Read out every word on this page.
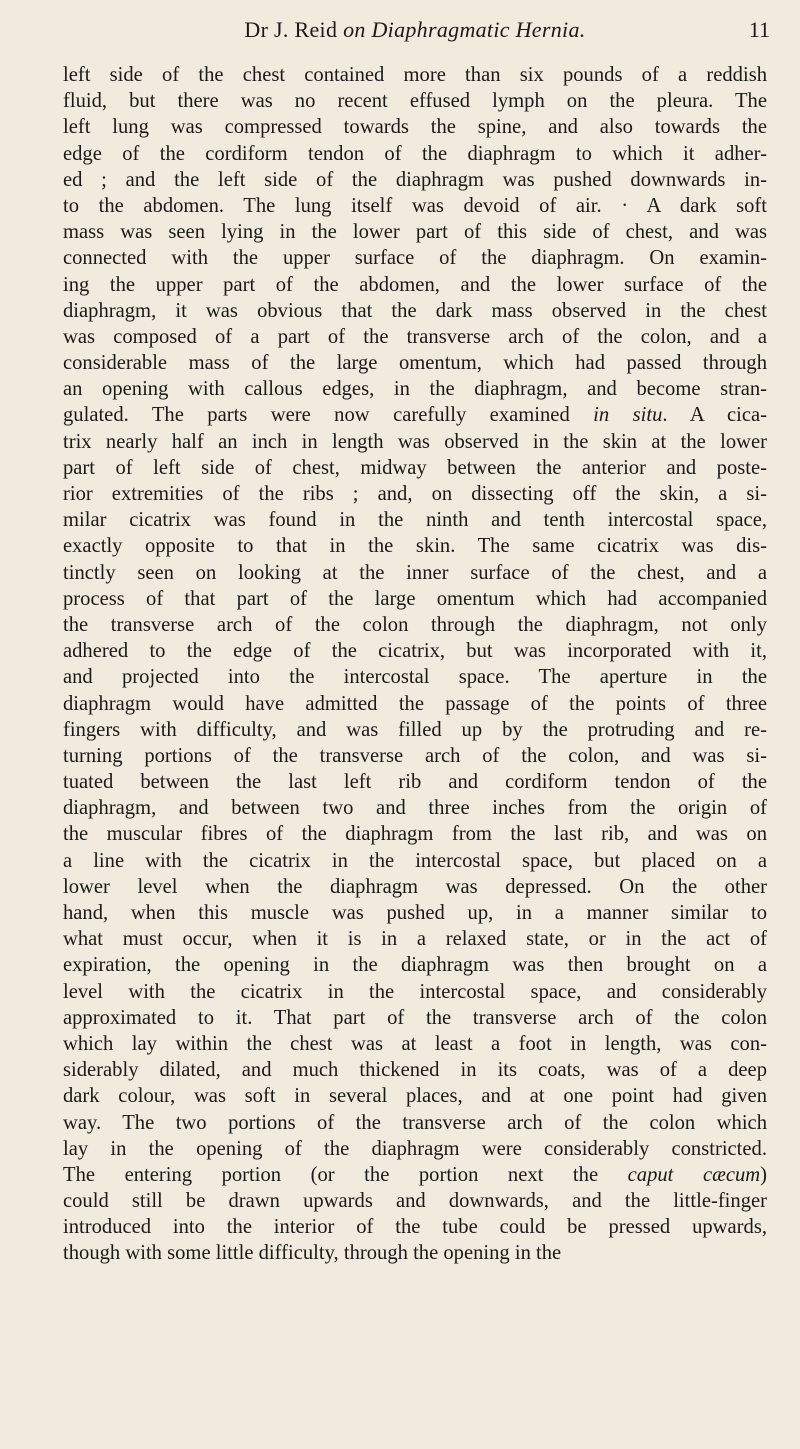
Dr J. Reid on Diaphragmatic Hernia.	11
left side of the chest contained more than six pounds of a reddish
fluid, but there was no recent effused lymph on the pleura. The
left lung was compressed towards the spine, and also towards the
edge of the cordiform tendon of the diaphragm to which it adher-
ed ; and the left side of the diaphragm was pushed downwards in-
to the abdomen. The lung itself was devoid of air. · A dark soft
mass was seen lying in the lower part of this side of chest, and was
connected with the upper surface of the diaphragm. On examin-
ing the upper part of the abdomen, and the lower surface of the
diaphragm, it was obvious that the dark mass observed in the chest
was composed of a part of the transverse arch of the colon, and a
considerable mass of the large omentum, which had passed through
an opening with callous edges, in the diaphragm, and become stran-
gulated. The parts were now carefully examined in situ. A cica-
trix nearly half an inch in length was observed in the skin at the lower
part of left side of chest, midway between the anterior and poste-
rior extremities of the ribs ; and, on dissecting off the skin, a si-
milar cicatrix was found in the ninth and tenth intercostal space,
exactly opposite to that in the skin. The same cicatrix was dis-
tinctly seen on looking at the inner surface of the chest, and a
process of that part of the large omentum which had accompanied
the transverse arch of the colon through the diaphragm, not only
adhered to the edge of the cicatrix, but was incorporated with it,
and projected into the intercostal space. The aperture in the
diaphragm would have admitted the passage of the points of three
fingers with difficulty, and was filled up by the protruding and re-
turning portions of the transverse arch of the colon, and was si-
tuated between the last left rib and cordiform tendon of the
diaphragm, and between two and three inches from the origin of
the muscular fibres of the diaphragm from the last rib, and was on
a line with the cicatrix in the intercostal space, but placed on a
lower level when the diaphragm was depressed. On the other
hand, when this muscle was pushed up, in a manner similar to
what must occur, when it is in a relaxed state, or in the act of
expiration, the opening in the diaphragm was then brought on a
level with the cicatrix in the intercostal space, and considerably
approximated to it. That part of the transverse arch of the colon
which lay within the chest was at least a foot in length, was con-
siderably dilated, and much thickened in its coats, was of a deep
dark colour, was soft in several places, and at one point had given
way. The two portions of the transverse arch of the colon which
lay in the opening of the diaphragm were considerably constricted.
The entering portion (or the portion next the caput cæcum)
could still be drawn upwards and downwards, and the little-finger
introduced into the interior of the tube could be pressed upwards,
though with some little difficulty, through the opening in the
